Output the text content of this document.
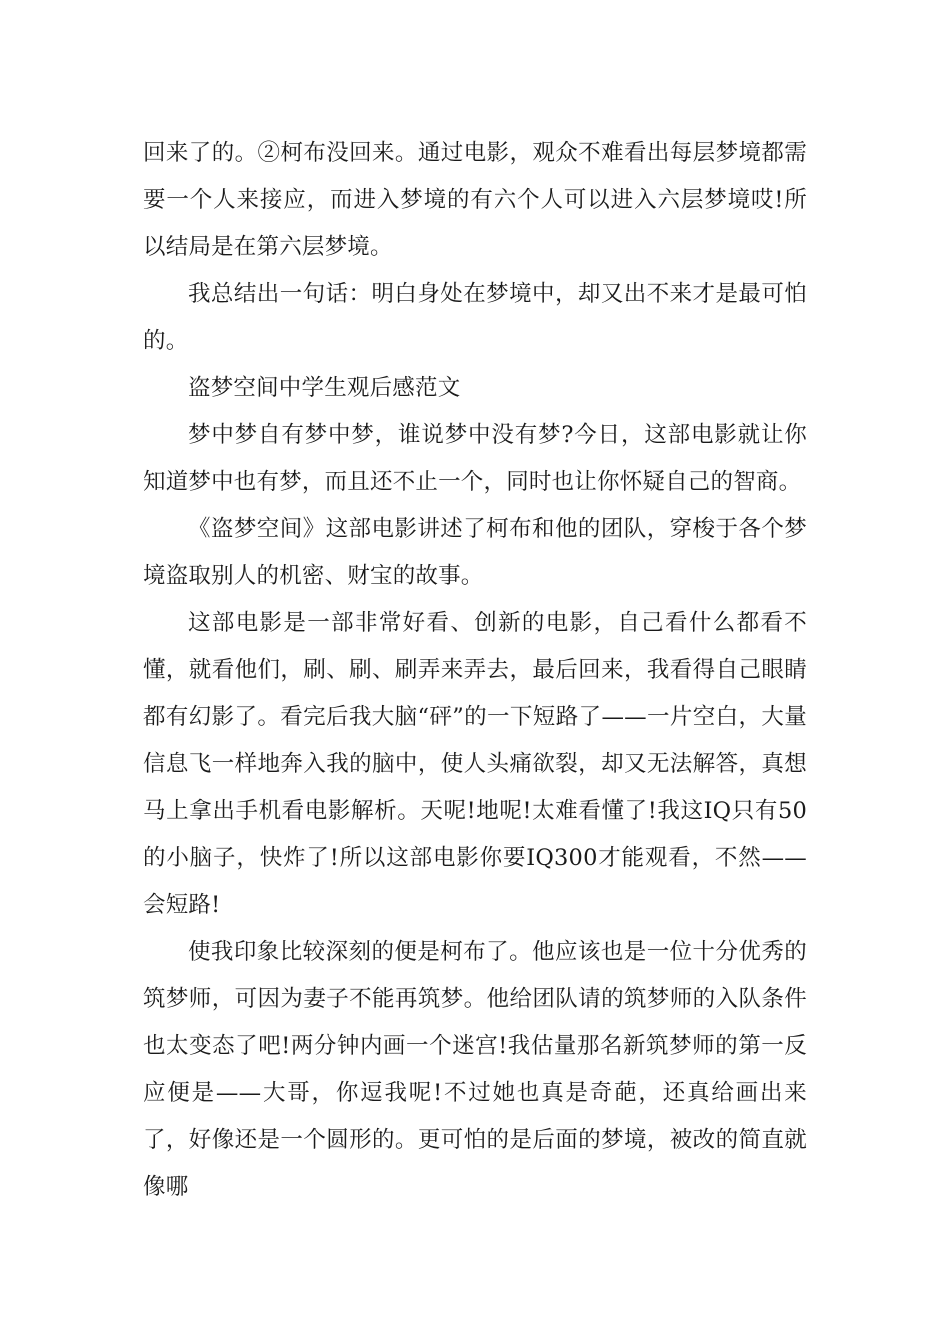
回来了的。②柯布没回来。通过电影，观众不难看出每层梦境都需要一个人来接应，而进入梦境的有六个人可以进入六层梦境哎!所以结局是在第六层梦境。

我总结出一句话：明白身处在梦境中，却又出不来才是最可怕的。

盗梦空间中学生观后感范文

梦中梦自有梦中梦，谁说梦中没有梦?今日，这部电影就让你知道梦中也有梦，而且还不止一个，同时也让你怀疑自己的智商。

《盗梦空间》这部电影讲述了柯布和他的团队，穿梭于各个梦境盗取别人的机密、财宝的故事。

这部电影是一部非常好看、创新的电影，自己看什么都看不懂，就看他们，刷、刷、刷弄来弄去，最后回来，我看得自己眼睛都有幻影了。看完后我大脑“砰”的一下短路了——一片空白，大量信息飞一样地奔入我的脑中，使人头痛欲裂，却又无法解答，真想马上拿出手机看电影解析。天呢!地呢!太难看懂了!我这IQ只有50的小脑子，快炸了!所以这部电影你要IQ300才能观看，不然——会短路!

使我印象比较深刻的便是柯布了。他应该也是一位十分优秀的筑梦师，可因为妻子不能再筑梦。他给团队请的筑梦师的入队条件也太变态了吧!两分钟内画一个迷宫!我估量那名新筑梦师的第一反应便是——大哥，你逗我呢!不过她也真是奇葩，还真给画出来了，好像还是一个圆形的。更可怕的是后面的梦境，被改的简直就像哪
